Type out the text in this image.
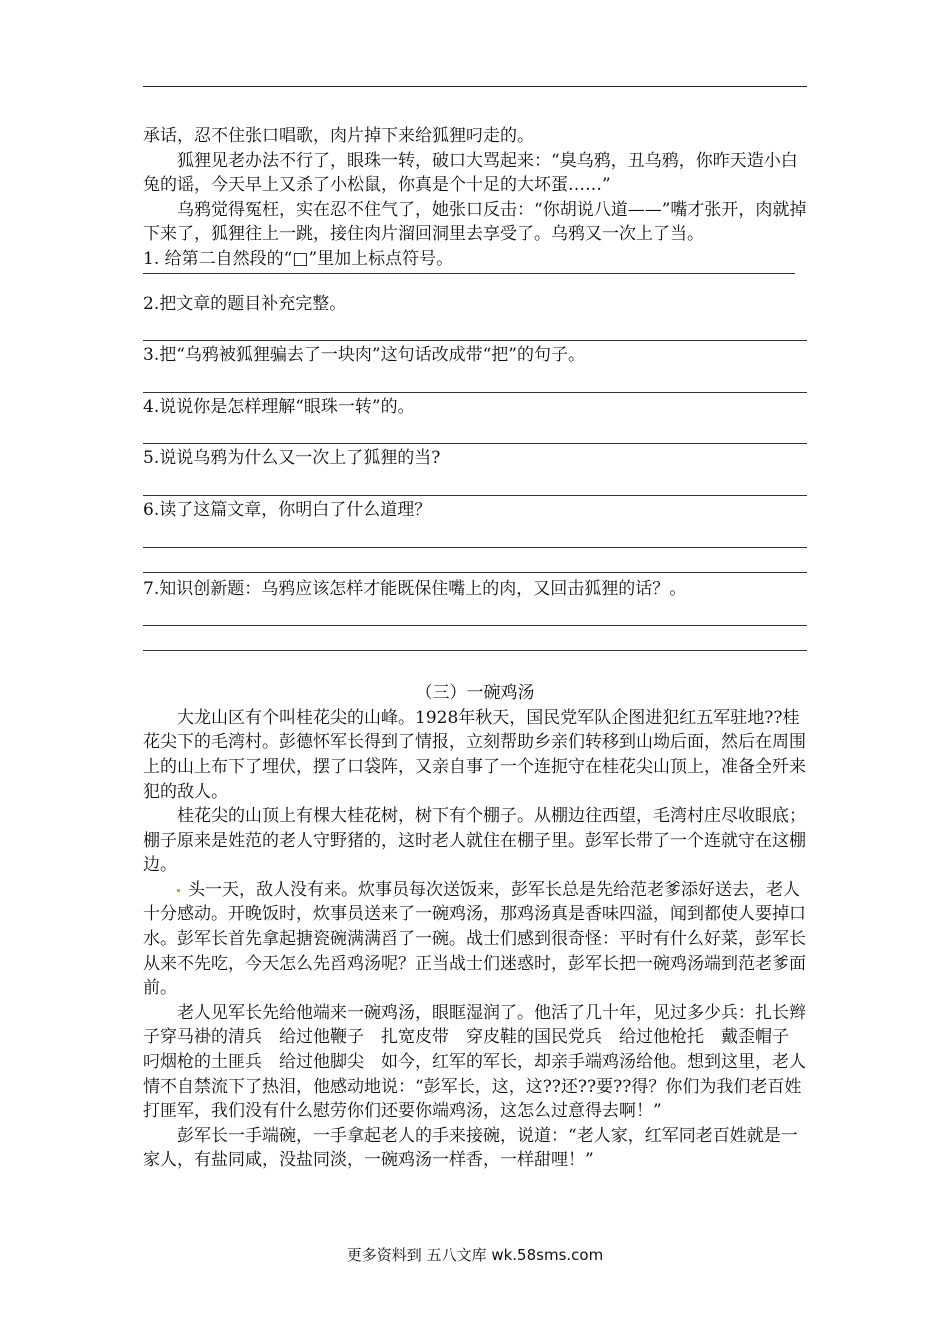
承话，忍不住张口唱歌，肉片掉下来给狐狸叼走的。

狐狸见老办法不行了，眼珠一转，破口大骂起来：“臭乌鸦，丑乌鸦，你昨天造小白兔的谣，今天早上又杀了小松鼠，你真是个十足的大坏蛋……”

乌鸦觉得冤枉，实在忍不住气了，她张口反击：“你胡说八道——”嘴才张开，肉就掉下来了，狐狸往上一跳，接住肉片溜回洞里去享受了。乌鸦又一次上了当。

1. 给第二自然段的“□”里加上标点符号。

2.把文章的题目补充完整。

3.把“乌鸦被狐狸骗去了一块肉”这句话改成带“把”的句子。

4.说说你是怎样理解“眼珠一转”的。

5.说说乌鸦为什么又一次上了狐狸的当?

6.读了这篇文章，你明白了什么道理？

7.知识创新题：乌鸦应该怎样才能既保住嘴上的肉，又回击狐狸的话？。

（三）一碗鸡汤

大龙山区有个叫桂花尖的山峰。1928年秋天，国民党军队企图进犯红五军驻地??桂花尖下的毛湾村。彭德怀军长得到了情报，立刻帮助乡亲们转移到山坳后面，然后在周围上的山上布下了埋伏，摆了口袋阵，又亲自事了一个连扼守在桂花尖山顶上，准备全歼来犯的敌人。

桂花尖的山顶上有棵大桂花树，树下有个棚子。从棚边往西望，毛湾村庄尽收眼底；棚子原来是姓范的老人守野猪的，这时老人就住在棚子里。彭军长带了一个连就守在这棚边。

头一天，敌人没有来。炊事员每次送饭来，彭军长总是先给范老爹添好送去，老人十分感动。开晚饭时，炊事员送来了一碗鸡汤，那鸡汤真是香味四溢，闻到都使人要掉口水。彭军长首先拿起搪瓷碗满满舀了一碗。战士们感到很奇怪：平时有什么好菜，彭军长从来不先吃，今天怎么先舀鸡汤呢？正当战士们迷惑时，彭军长把一碗鸡汤端到范老爹面前。

老人见军长先给他端来一碗鸡汤，眼眶湿润了。他活了几十年，见过多少兵：扎长辫子穿马褂的清兵　给过他鞭子　扎宽皮带　穿皮鞋的国民党兵　给过他枪托　戴歪帽子　叼烟枪的土匪兵　给过他脚尖　如今，红军的军长，却亲手端鸡汤给他。想到这里，老人情不自禁流下了热泪，他感动地说：“彭军长，这，这??还??要??得？你们为我们老百姓打匪军，我们没有什么慰劳你们还要你端鸡汤，这怎么过意得去啊！”

彭军长一手端碗，一手拿起老人的手来接碗，说道：“老人家，红军同老百姓就是一家人，有盐同咸，没盐同淡，一碗鸡汤一样香，一样甜哩！”

更多资料到 五八文库 wk.58sms.com
